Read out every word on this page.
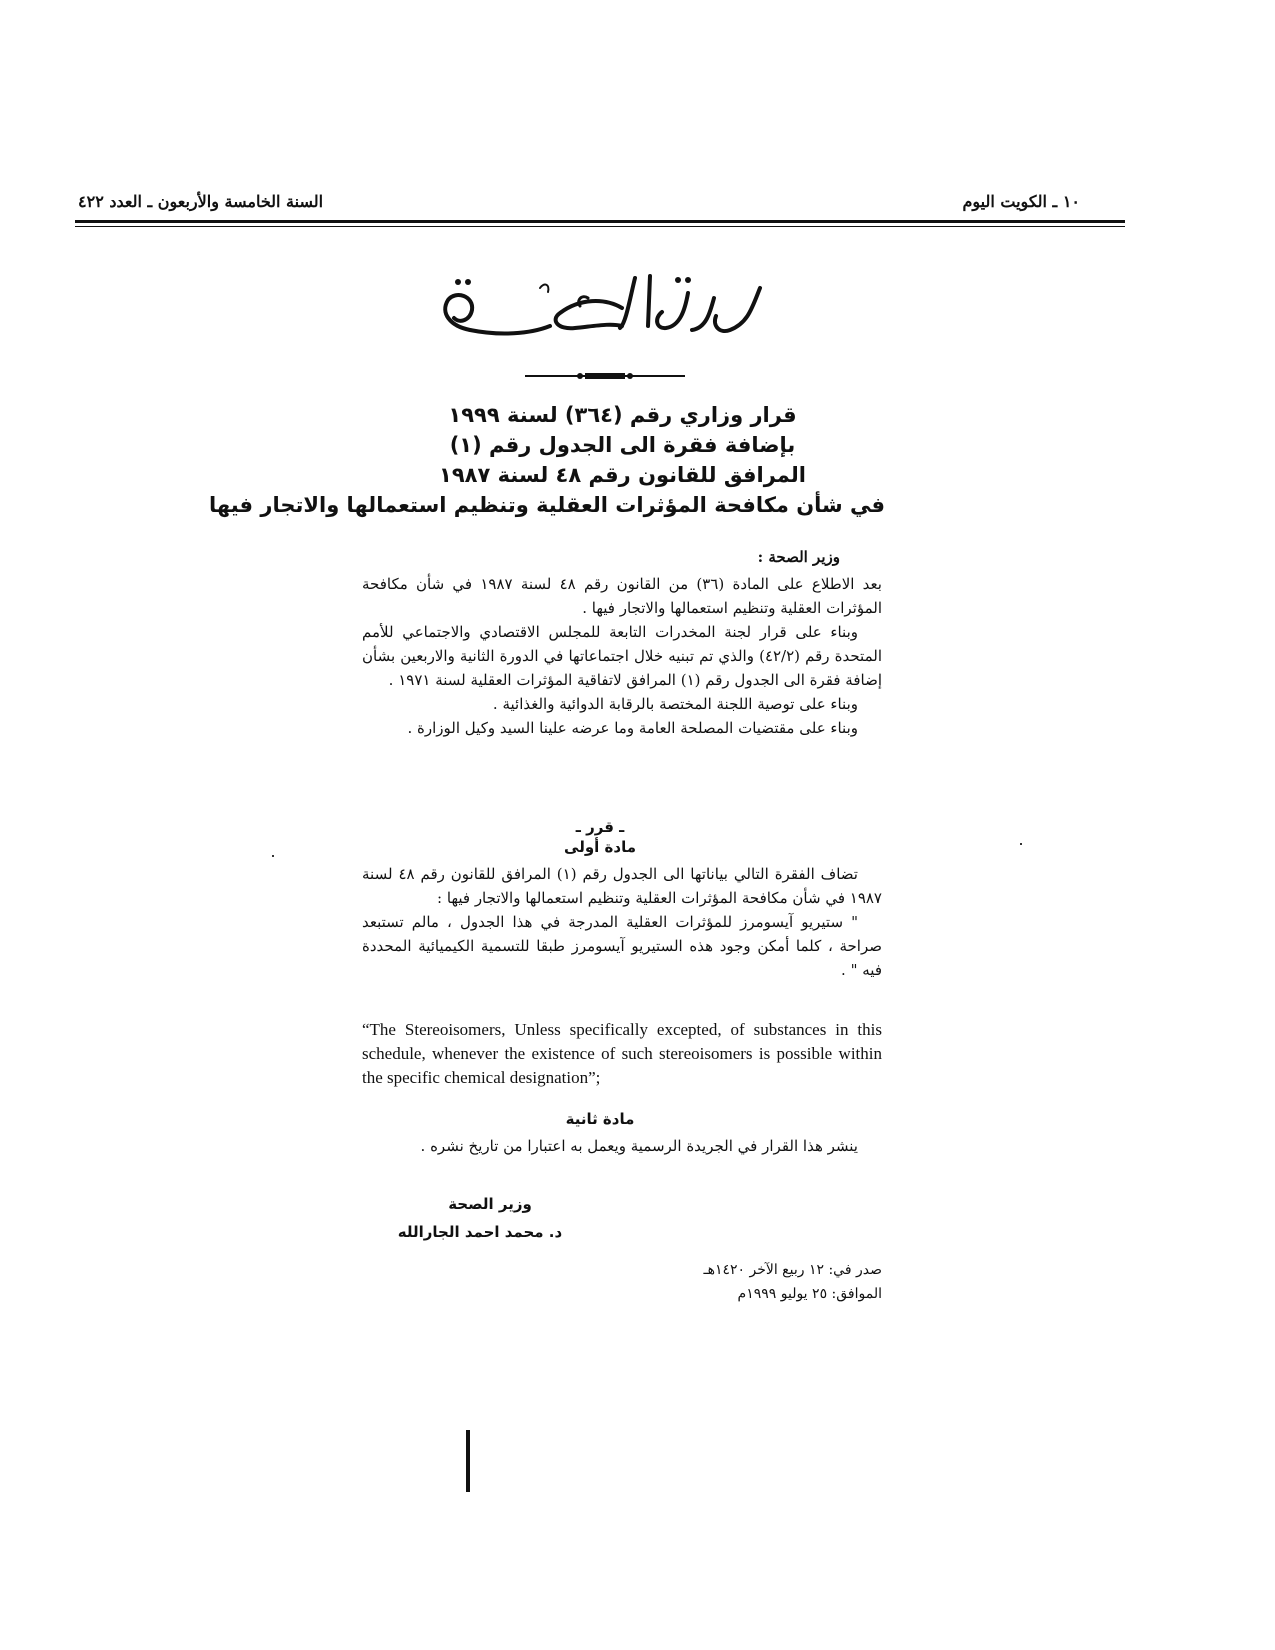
١٠ ـ الكويت اليوم
السنة الخامسة والأربعون ـ العدد ٤٢٢
قرار وزاري رقم (٣٦٤) لسنة ١٩٩٩
بإضافة فقرة الى الجدول رقم (١)
المرافق للقانون رقم ٤٨ لسنة ١٩٨٧
في شأن مكافحة المؤثرات العقلية وتنظيم استعمالها والاتجار فيها
وزير الصحة :

بعد الاطلاع على المادة (٣٦) من القانون رقم ٤٨ لسنة ١٩٨٧ في شأن مكافحة المؤثرات العقلية وتنظيم استعمالها والاتجار فيها .

وبناء على قرار لجنة المخدرات التابعة للمجلس الاقتصادي والاجتماعي للأمم المتحدة رقم (٤٢/٢) والذي تم تبنيه خلال اجتماعاتها في الدورة الثانية والاربعين بشأن إضافة فقرة الى الجدول رقم (١) المرافق لاتفاقية المؤثرات العقلية لسنة ١٩٧١ .

وبناء على توصية اللجنة المختصة بالرقابة الدوائية والغذائية .

وبناء على مقتضيات المصلحة العامة وما عرضه علينا السيد وكيل الوزارة .

ـ قرر ـ
مادة أولى

تضاف الفقرة التالي بياناتها الى الجدول رقم (١) المرافق للقانون رقم ٤٨ لسنة ١٩٨٧ في شأن مكافحة المؤثرات العقلية وتنظيم استعمالها والاتجار فيها :

" ستيريو آيسومرز للمؤثرات العقلية المدرجة في هذا الجدول ، مالم تستبعد صراحة ، كلما أمكن وجود هذه الستيريو آيسومرز طبقا للتسمية الكيميائية المحددة فيه " .

“The Stereoisomers, Unless specifically excepted, of substances in this schedule, whenever the existence of such stereoisomers is possible within the specific chemical designation”;
مادة ثانية

ينشر هذا القرار في الجريدة الرسمية ويعمل به اعتبارا من تاريخ نشره .

وزير الصحة
د. محمد احمد الجارالله
صدر في: ١٢ ربيع الآخر ١٤٢٠هـ
الموافق: ٢٥ يوليو ١٩٩٩م
